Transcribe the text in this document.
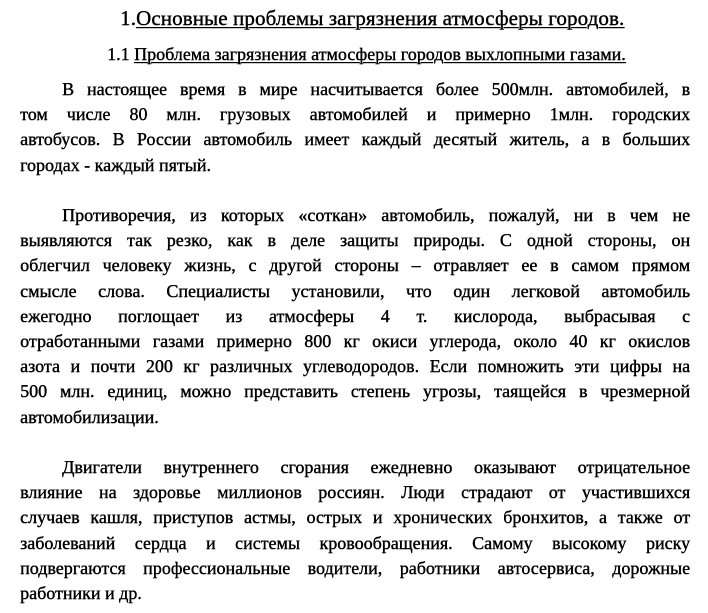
1.Основные проблемы загрязнения атмосферы городов.
1.1 Проблема загрязнения атмосферы городов выхлопными газами.
В настоящее время в мире насчитывается более 500млн. автомобилей, в
том числе 80 млн. грузовых автомобилей и примерно 1млн. городских
автобусов. В России автомобиль имеет каждый десятый житель, а в больших
городах - каждый пятый.
Противоречия, из которых «соткан» автомобиль, пожалуй, ни в чем не
выявляются так резко, как в деле защиты природы. С одной стороны, он
облегчил человеку жизнь, с другой стороны – отравляет ее в самом прямом
смысле слова. Специалисты установили, что один легковой автомобиль
ежегодно поглощает из атмосферы 4 т. кислорода, выбрасывая с
отработанными газами примерно 800 кг окиси углерода, около 40 кг окислов
азота и почти 200 кг различных углеводородов. Если помножить эти цифры на
500 млн. единиц, можно представить степень угрозы, таящейся в чрезмерной
автомобилизации.
Двигатели внутреннего сгорания ежедневно оказывают отрицательное
влияние на здоровье миллионов россиян. Люди страдают от участившихся
случаев кашля, приступов астмы, острых и хронических бронхитов, а также от
заболеваний сердца и системы кровообращения. Самому высокому риску
подвергаются профессиональные водители, работники автосервиса, дорожные
работники и др.
